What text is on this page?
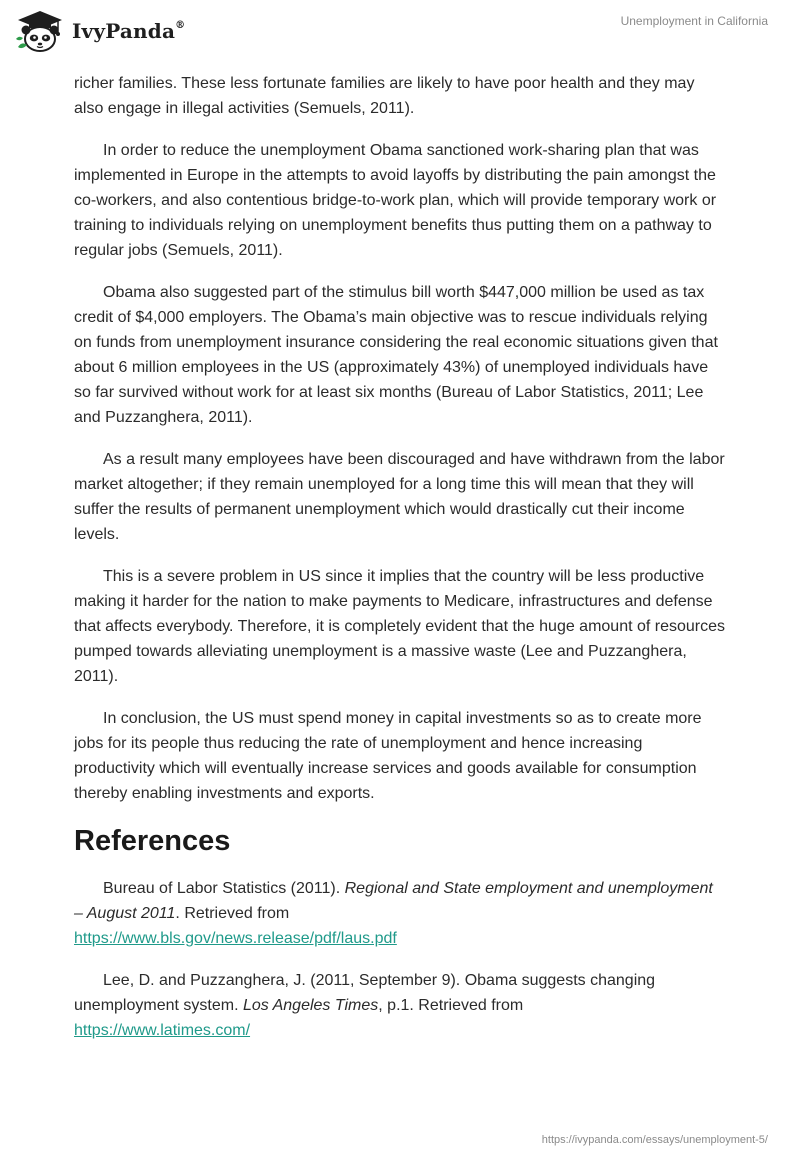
IvyPanda®	Unemployment in California

richer families. These less fortunate families are likely to have poor health and they may also engage in illegal activities (Semuels, 2011).

In order to reduce the unemployment Obama sanctioned work-sharing plan that was implemented in Europe in the attempts to avoid layoffs by distributing the pain amongst the co-workers, and also contentious bridge-to-work plan, which will provide temporary work or training to individuals relying on unemployment benefits thus putting them on a pathway to regular jobs (Semuels, 2011).

Obama also suggested part of the stimulus bill worth $447,000 million be used as tax credit of $4,000 employers. The Obama’s main objective was to rescue individuals relying on funds from unemployment insurance considering the real economic situations given that about 6 million employees in the US (approximately 43%) of unemployed individuals have so far survived without work for at least six months (Bureau of Labor Statistics, 2011; Lee and Puzzanghera, 2011).

As a result many employees have been discouraged and have withdrawn from the labor market altogether; if they remain unemployed for a long time this will mean that they will suffer the results of permanent unemployment which would drastically cut their income levels.

This is a severe problem in US since it implies that the country will be less productive making it harder for the nation to make payments to Medicare, infrastructures and defense that affects everybody. Therefore, it is completely evident that the huge amount of resources pumped towards alleviating unemployment is a massive waste (Lee and Puzzanghera, 2011).

In conclusion, the US must spend money in capital investments so as to create more jobs for its people thus reducing the rate of unemployment and hence increasing productivity which will eventually increase services and goods available for consumption thereby enabling investments and exports.

References

Bureau of Labor Statistics (2011). Regional and State employment and unemployment – August 2011. Retrieved from
https://www.bls.gov/news.release/pdf/laus.pdf

Lee, D. and Puzzanghera, J. (2011, September 9). Obama suggests changing unemployment system. Los Angeles Times, p.1. Retrieved from
https://www.latimes.com/

https://ivypanda.com/essays/unemployment-5/
